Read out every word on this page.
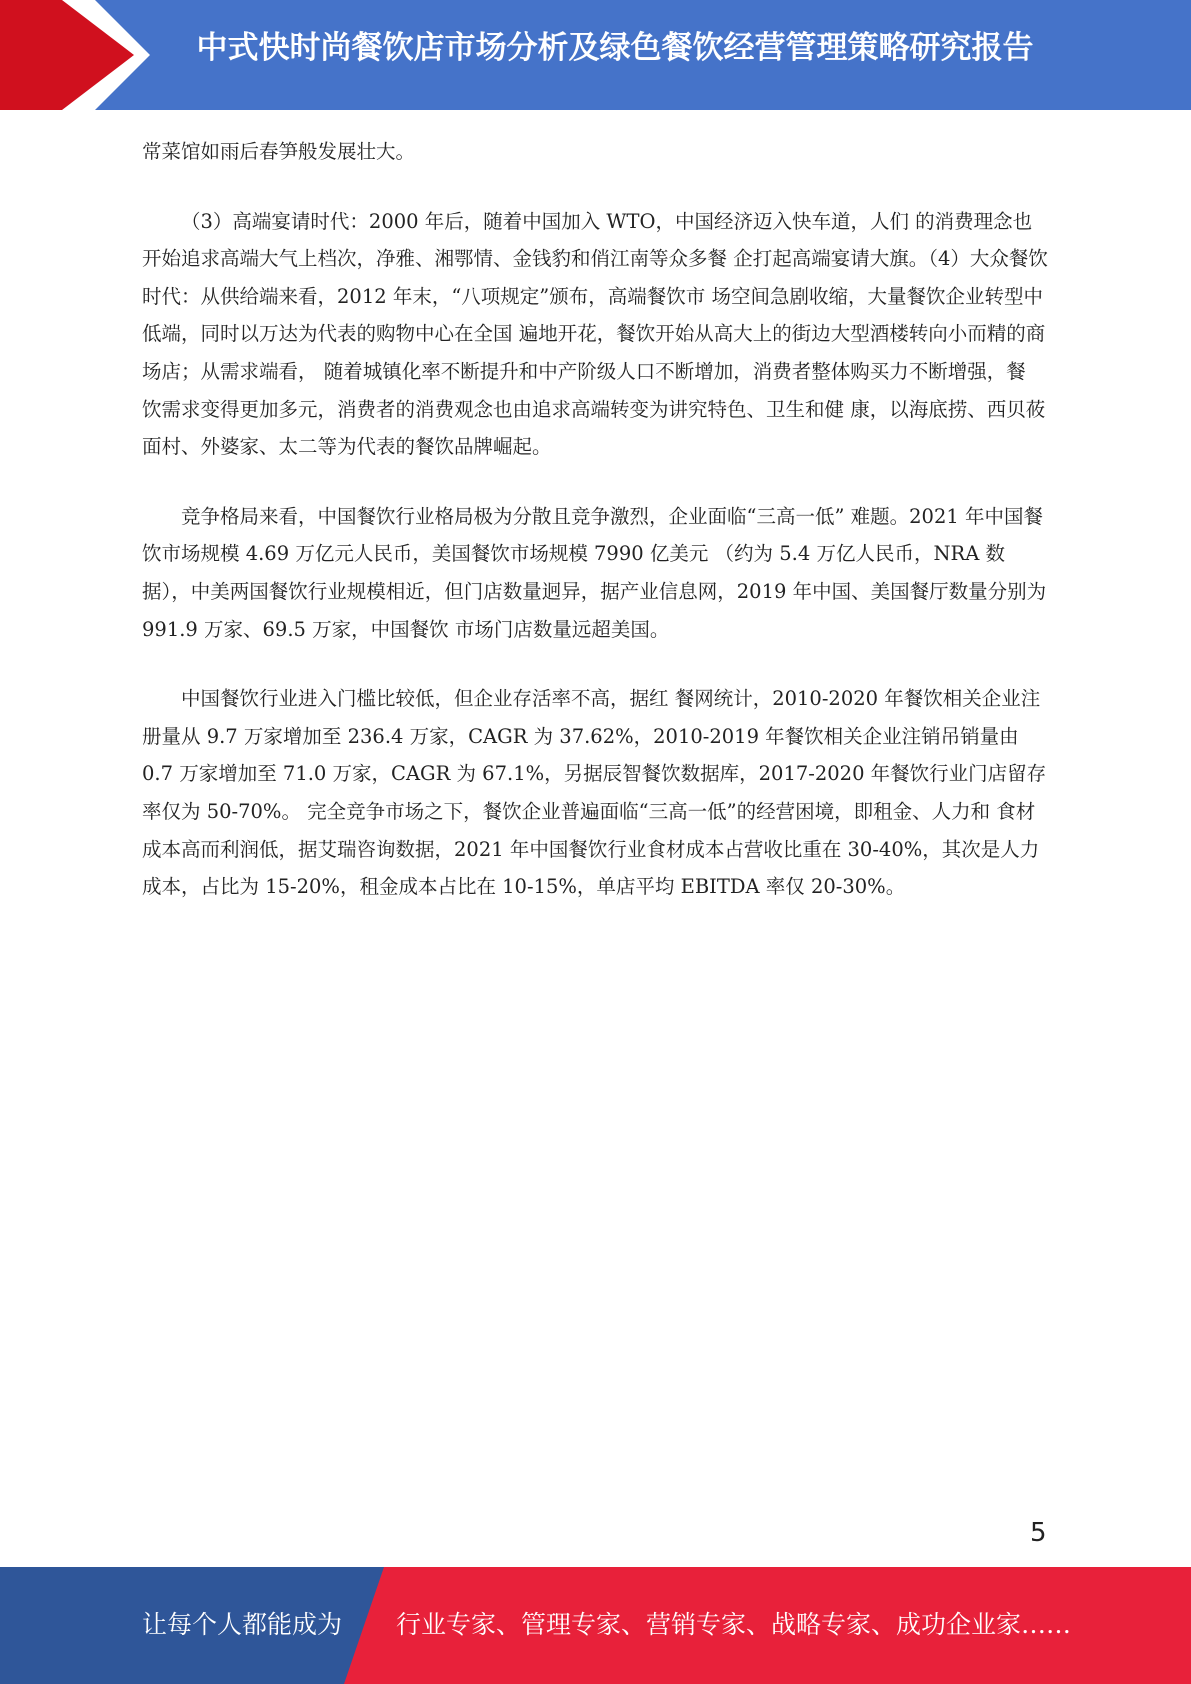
中式快时尚餐饮店市场分析及绿色餐饮经营管理策略研究报告

常菜馆如雨后春笋般发展壮大。

（3）高端宴请时代：2000 年后，随着中国加入 WTO，中国经济迈入快车道，人们 的消费理念也开始追求高端大气上档次，净雅、湘鄂情、金钱豹和俏江南等众多餐 企打起高端宴请大旗。（4）大众餐饮时代：从供给端来看，2012 年末，“八项规定”颁布，高端餐饮市 场空间急剧收缩，大量餐饮企业转型中低端，同时以万达为代表的购物中心在全国 遍地开花，餐饮开始从高大上的街边大型酒楼转向小而精的商场店；从需求端看， 随着城镇化率不断提升和中产阶级人口不断增加，消费者整体购买力不断增强，餐 饮需求变得更加多元，消费者的消费观念也由追求高端转变为讲究特色、卫生和健 康，以海底捞、西贝莜面村、外婆家、太二等为代表的餐饮品牌崛起。

竞争格局来看，中国餐饮行业格局极为分散且竞争激烈，企业面临“三高一低” 难题。2021 年中国餐饮市场规模 4.69 万亿元人民币，美国餐饮市场规模 7990 亿美元 （约为 5.4 万亿人民币，NRA 数据），中美两国餐饮行业规模相近，但门店数量迥异，据产业信息网，2019 年中国、美国餐厅数量分别为 991.9 万家、69.5 万家，中国餐饮 市场门店数量远超美国。

中国餐饮行业进入门槛比较低，但企业存活率不高，据红 餐网统计，2010-2020 年餐饮相关企业注册量从 9.7 万家增加至 236.4 万家，CAGR 为 37.62%，2010-2019 年餐饮相关企业注销吊销量由 0.7 万家增加至 71.0 万家，CAGR 为 67.1%，另据辰智餐饮数据库，2017-2020 年餐饮行业门店留存率仅为 50-70%。 完全竞争市场之下，餐饮企业普遍面临“三高一低”的经营困境，即租金、人力和 食材成本高而利润低，据艾瑞咨询数据，2021 年中国餐饮行业食材成本占营收比重在 30-40%，其次是人力成本，占比为 15-20%，租金成本占比在 10-15%，单店平均 EBITDA 率仅 20-30%。

5
让每个人都能成为 行业专家、管理专家、营销专家、战略专家、成功企业家……
